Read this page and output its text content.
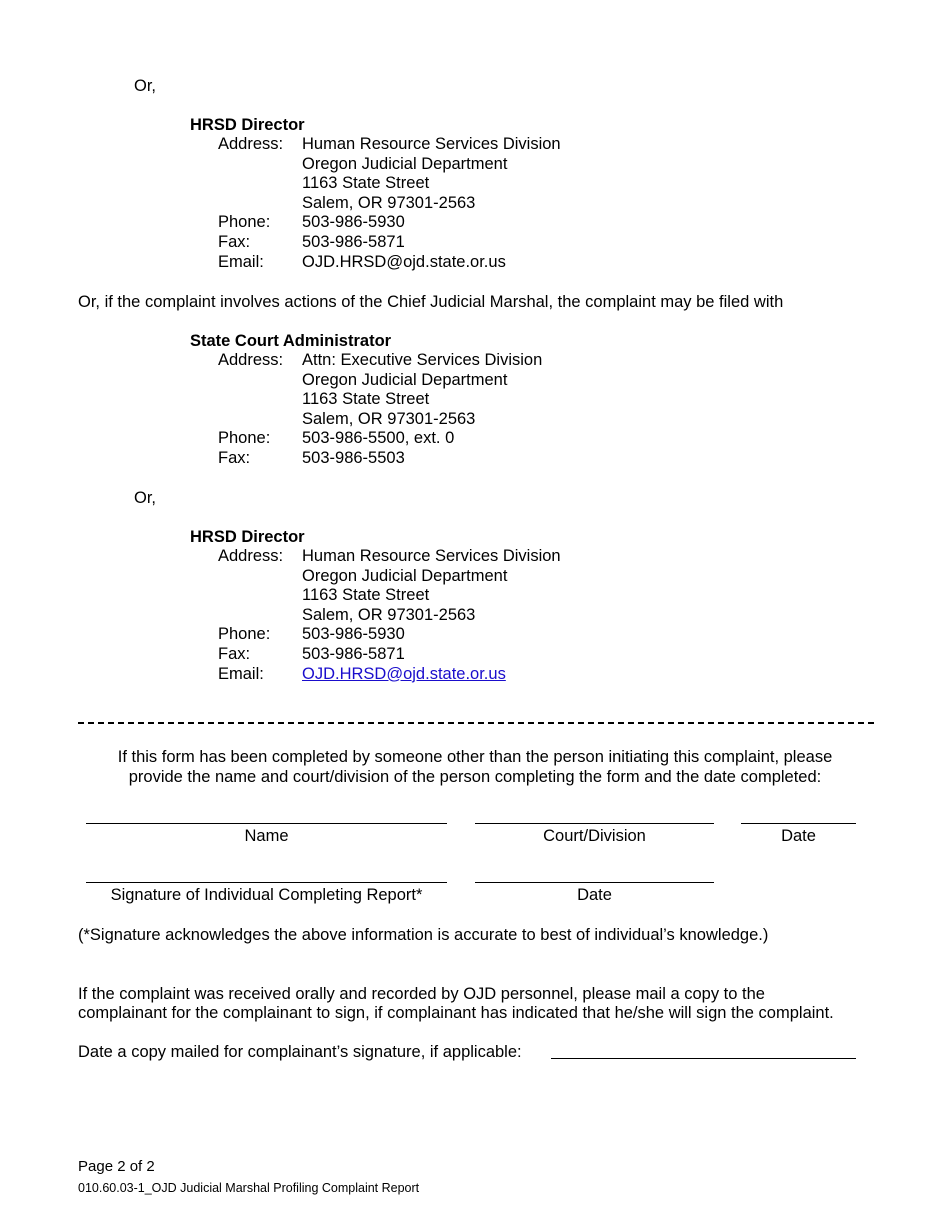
Or,
HRSD Director
Address: Human Resource Services Division
Oregon Judicial Department
1163 State Street
Salem, OR 97301-2563
Phone: 503-986-5930
Fax:	503-986-5871
Email: OJD.HRSD@ojd.state.or.us
Or, if the complaint involves actions of the Chief Judicial Marshal, the complaint may be filed with
State Court Administrator
Address: Attn: Executive Services Division
Oregon Judicial Department
1163 State Street
Salem, OR 97301-2563
Phone: 503-986-5500, ext. 0
Fax:	503-986-5503
Or,
HRSD Director
Address: Human Resource Services Division
Oregon Judicial Department
1163 State Street
Salem, OR 97301-2563
Phone: 503-986-5930
Fax:	503-986-5871
Email: OJD.HRSD@ojd.state.or.us
If this form has been completed by someone other than the person initiating this complaint, please
provide the name and court/division of the person completing the form and the date completed:
Name	Court/Division	Date
Signature of Individual Completing Report*	Date
(*Signature acknowledges the above information is accurate to best of individual’s knowledge.)
If the complaint was received orally and recorded by OJD personnel, please mail a copy to the
complainant for the complainant to sign, if complainant has indicated that he/she will sign the complaint.
Date a copy mailed for complainant’s signature, if applicable:
Page 2 of 2
010.60.03-1_OJD Judicial Marshal Profiling Complaint Report
